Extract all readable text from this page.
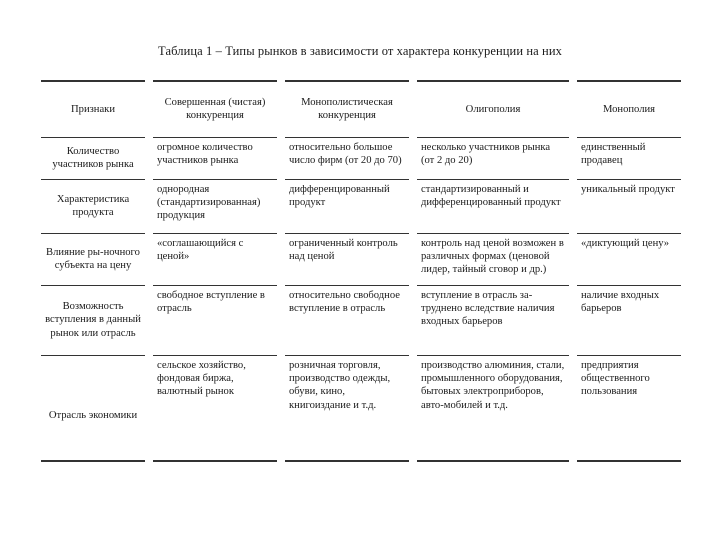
Таблица 1 – Типы рынков в зависимости от характера конкуренции на них
Признаки	Совершенная (чистая) конкуренция	Монополистическая конкуренция	Олигополия	Монополия
Количество участников рынка	огромное количество участников рынка	относительно большое число фирм (от 20 до 70)	несколько участников рынка (от 2 до 20)	единственный продавец
Характеристика продукта	однородная (стандартизированная) продукция	дифференцированный продукт	стандартизированный и дифференцированный продукт	уникальный продукт
Влияние ры-ночного субъекта на цену	«соглашающийся с ценой»	ограниченный контроль над ценой	контроль над ценой возможен в различных формах (ценовой лидер, тайный сговор и др.)	«диктующий цену»
Возможность вступления в данный рынок или отрасль	свободное вступление в отрасль	относительно свободное вступление в отрасль	вступление в отрасль за-труднено вследствие наличия входных барьеров	наличие входных барьеров
Отрасль экономики	сельское хозяйство, фондовая биржа, валютный рынок	розничная торговля, производство одежды, обуви, кино, книгоиздание и т.д.	производство алюминия, стали, промышленного оборудования, бытовых электроприборов, авто-мобилей и т.д.	предприятия общественного пользования
